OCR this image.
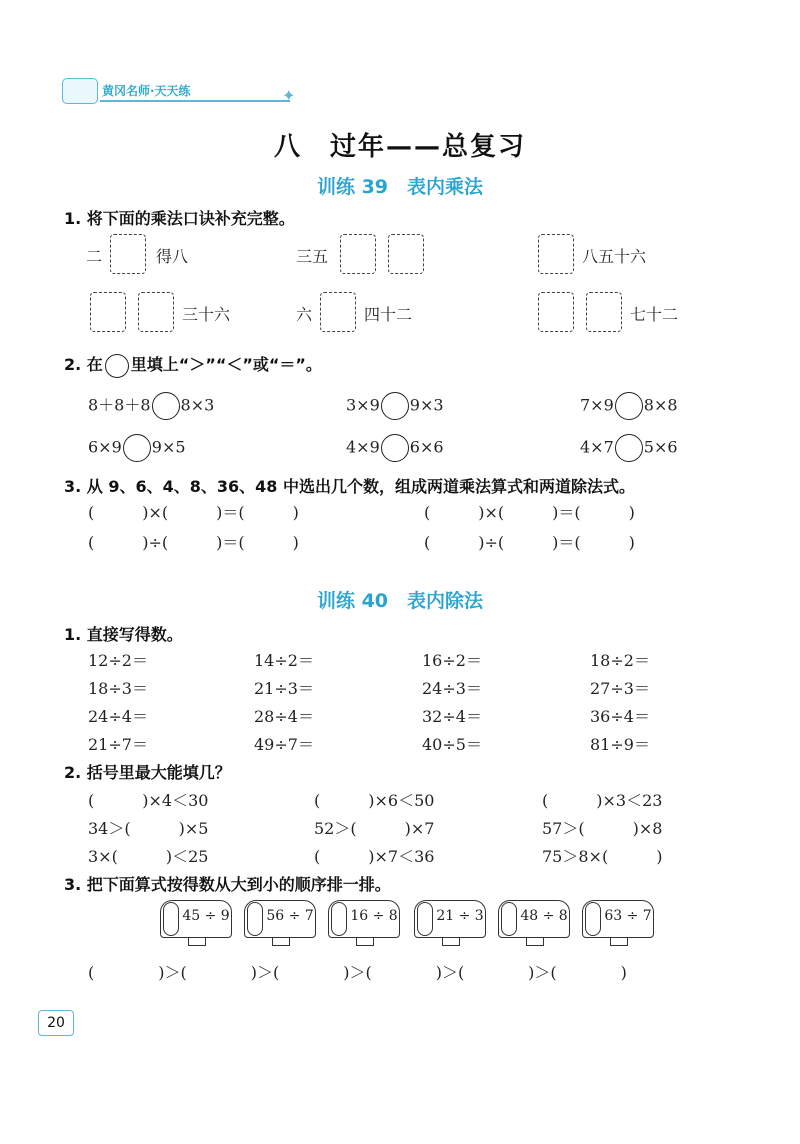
黄冈名师·天天练	✦
八　过年——总复习
训练 39　表内乘法
1. 将下面的乘法口诀补充完整。
二	得八	三五	八五十六
三十六	六	四十二	七十二
2. 在 里填上“＞”“＜”或“＝”。
8＋8＋8 8×3	3×9 9×3	7×9 8×8
6×9 9×5	4×9 6×6	4×7 5×6
3. 从 9、6、4、8、36、48 中选出几个数，组成两道乘法算式和两道除法式。
(　　　)×(　　　)＝(　　　)	(　　　)×(　　　)＝(　　　)
(　　　)÷(　　　)＝(　　　)	(　　　)÷(　　　)＝(　　　)
训练 40　表内除法
1. 直接写得数。
12÷2＝	14÷2＝	16÷2＝	18÷2＝
18÷3＝	21÷3＝	24÷3＝	27÷3＝
24÷4＝	28÷4＝	32÷4＝	36÷4＝
21÷7＝	49÷7＝	40÷5＝	81÷9＝
2. 括号里最大能填几？
(　　　)×4＜30	(　　　)×6＜50	(　　　)×3＜23
34＞(　　　)×5	52＞(　　　)×7	57＞(　　　)×8
3×(　　　)＜25	(　　　)×7＜36	75＞8×(　　　)
3. 把下面算式按得数从大到小的顺序排一排。
45 ÷ 9	56 ÷ 7	16 ÷ 8	21 ÷ 3	48 ÷ 8	63 ÷ 7
(　　　　)＞(　　　　)＞(　　　　)＞(　　　　)＞(　　　　)＞(　　　　)
20
